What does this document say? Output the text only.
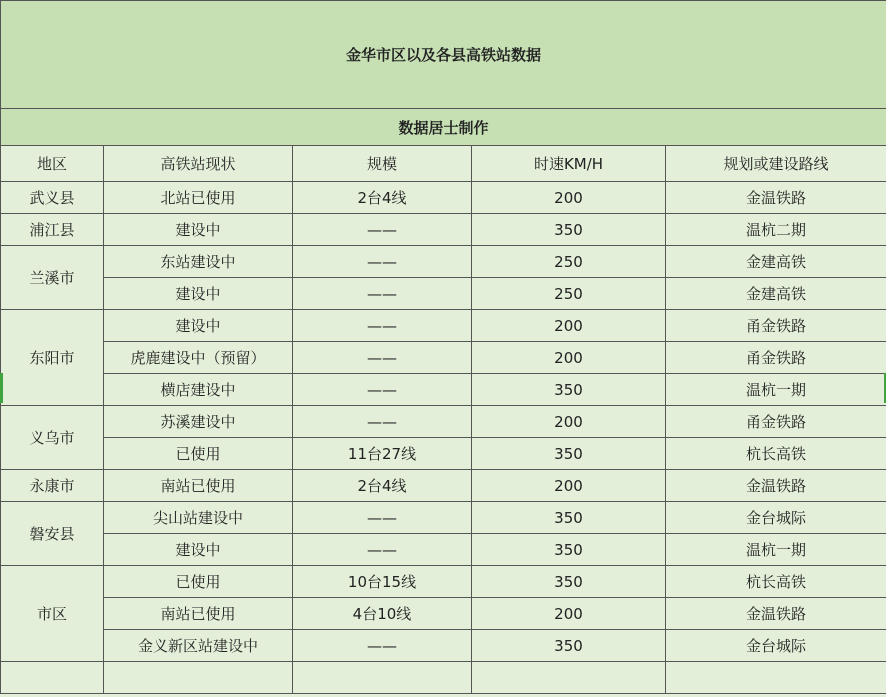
金华市区以及各县高铁站数据				
数据居士制作				
地区	高铁站现状	规模	时速KM/H	规划或建设路线
武义县	北站已使用	2台4线	200	金温铁路
浦江县	建设中	——	350	温杭二期
兰溪市	东站建设中	——	250	金建高铁
	建设中	——	250	金建高铁
东阳市	建设中	——	200	甬金铁路
	虎鹿建设中（预留）	——	200	甬金铁路
	横店建设中	——	350	温杭一期
义乌市	苏溪建设中	——	200	甬金铁路
	已使用	11台27线	350	杭长高铁
永康市	南站已使用	2台4线	200	金温铁路
磐安县	尖山站建设中	——	350	金台城际
	建设中	——	350	温杭一期
市区	已使用	10台15线	350	杭长高铁
	南站已使用	4台10线	200	金温铁路
	金义新区站建设中	——	350	金台城际
